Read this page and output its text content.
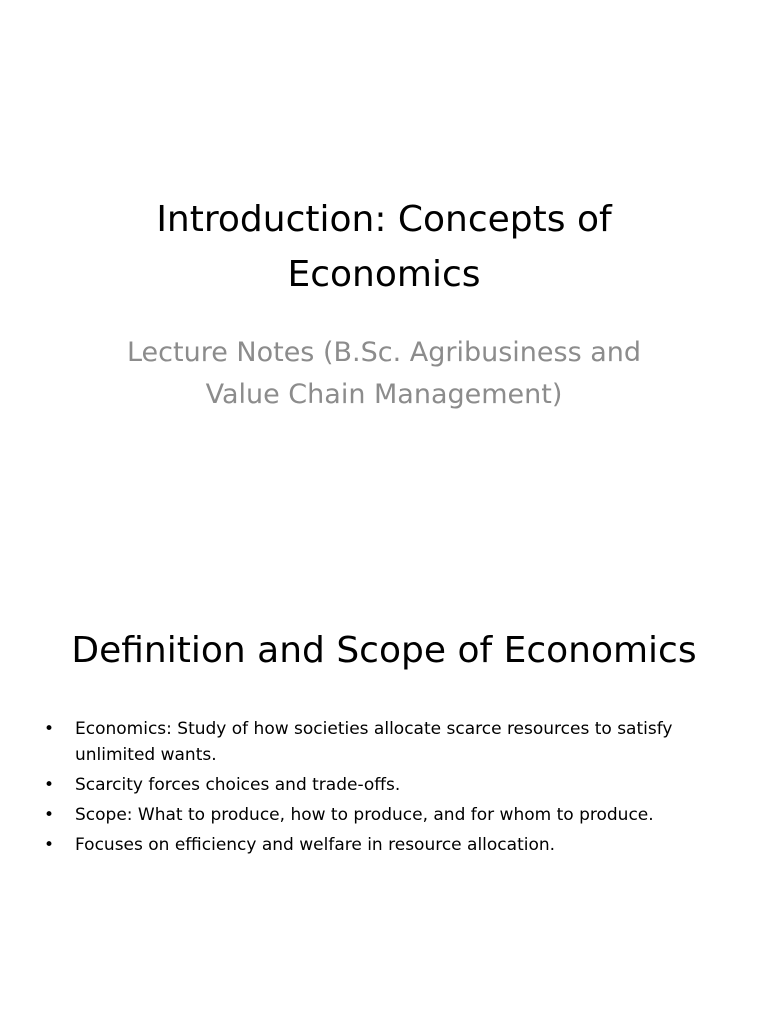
Introduction: Concepts of
Economics

Lecture Notes (B.Sc. Agribusiness and
Value Chain Management)

Definition and Scope of Economics
• Economics: Study of how societies allocate scarce resources to satisfy unlimited wants.
• Scarcity forces choices and trade-offs.
• Scope: What to produce, how to produce, and for whom to produce.
• Focuses on efficiency and welfare in resource allocation.
